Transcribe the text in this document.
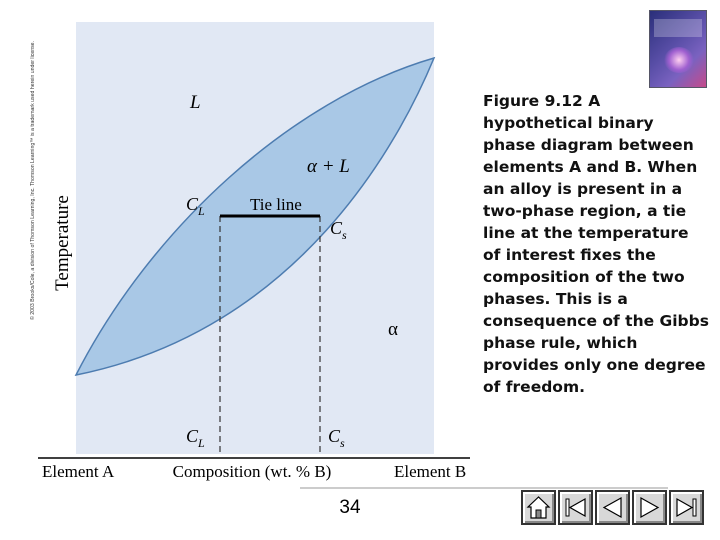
© 2003 Brooks/Cole, a division of Thomson Learning, Inc. Thomson Learning™ is a trademark used herein under license. Temperature
L
α + L
α
Tie line
$C_L$
$C_s$
$C_L$	$C_s$
Element A	Composition (wt. % B)	Element B
Figure 9.12 A hypothetical binary phase diagram between elements A and B. When an alloy is present in a two-phase region, a tie line at the temperature of interest fixes the composition of the two phases. This is a consequence of the Gibbs phase rule, which provides only one degree of freedom.
34
